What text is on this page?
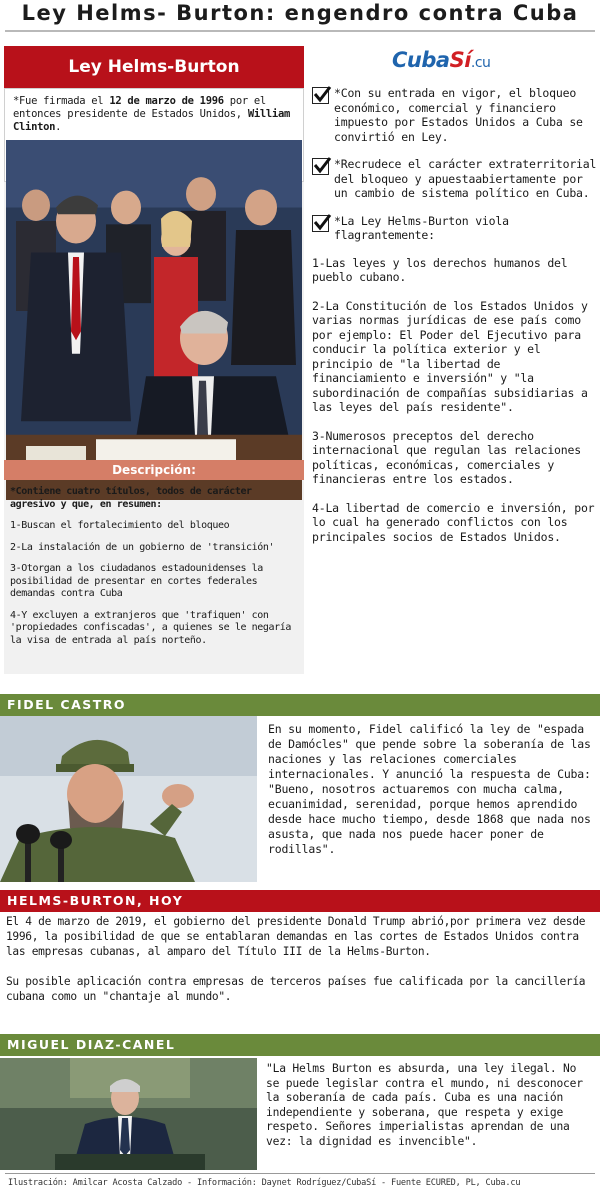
Ley Helms- Burton: engendro contra Cuba
CubaSí.cu
Ley Helms-Burton
*Fue firmada el 12 de marzo de 1996 por el entonces presidente de Estados Unidos, William Clinton.
Descripción:

*Contiene cuatro títulos, todos de carácter agresivo y que, en resumen:

1-Buscan el fortalecimiento del bloqueo

2-La instalación de un gobierno de 'transición'

3-Otorgan a los ciudadanos estadounidenses la posibilidad de presentar en cortes federales demandas contra Cuba

4-Y excluyen a extranjeros que 'trafiquen' con 'propiedades confiscadas', a quienes se le negaría la visa de entrada al país norteño.

*Con su entrada en vigor, el bloqueo económico, comercial y financiero impuesto por Estados Unidos a Cuba se convirtió en Ley.
*Recrudece el carácter extraterritorial del bloqueo y apuestaabiertamente por un cambio de sistema político en Cuba.
*La Ley Helms-Burton viola flagrantemente:

1-Las leyes y los derechos humanos del pueblo cubano.

2-La Constitución de los Estados Unidos y varias normas jurídicas de ese país como por ejemplo: El Poder del Ejecutivo para conducir la política exterior y el principio de "la libertad de financiamiento e inversión" y "la subordinación de compañías subsidiarias a las leyes del país residente".

3-Numerosos preceptos del derecho internacional que regulan las relaciones políticas, económicas, comerciales y financieras entre los estados.

4-La libertad de comercio e inversión, por lo cual ha generado conflictos con los principales socios de Estados Unidos.

FIDEL CASTRO
En su momento, Fidel calificó la ley de "espada de Damócles" que pende sobre la soberanía de las naciones y las relaciones comerciales internacionales. Y anunció la respuesta de Cuba: "Bueno, nosotros actuaremos con mucha calma, ecuanimidad, serenidad, porque hemos aprendido desde hace mucho tiempo, desde 1868 que nada nos asusta, que nada nos puede hacer poner de rodillas".
HELMS-BURTON, HOY

El 4 de marzo de 2019, el gobierno del presidente Donald Trump abrió,por primera vez desde 1996, la posibilidad de que se entablaran demandas en las cortes de Estados Unidos contra las empresas cubanas, al amparo del Título III de la Helms-Burton.

Su posible aplicación contra empresas de terceros países fue calificada por la cancillería cubana como un "chantaje al mundo".

MIGUEL DIAZ-CANEL
"La Helms Burton es absurda, una ley ilegal. No se puede legislar contra el mundo, ni desconocer la soberanía de cada país. Cuba es una nación independiente y soberana, que respeta y exige respeto. Señores imperialistas aprendan de una vez: la dignidad es invencible".
Ilustración: Amilcar Acosta Calzado - Información: Daynet Rodríguez/CubaSí - Fuente ECURED, PL, Cuba.cu
